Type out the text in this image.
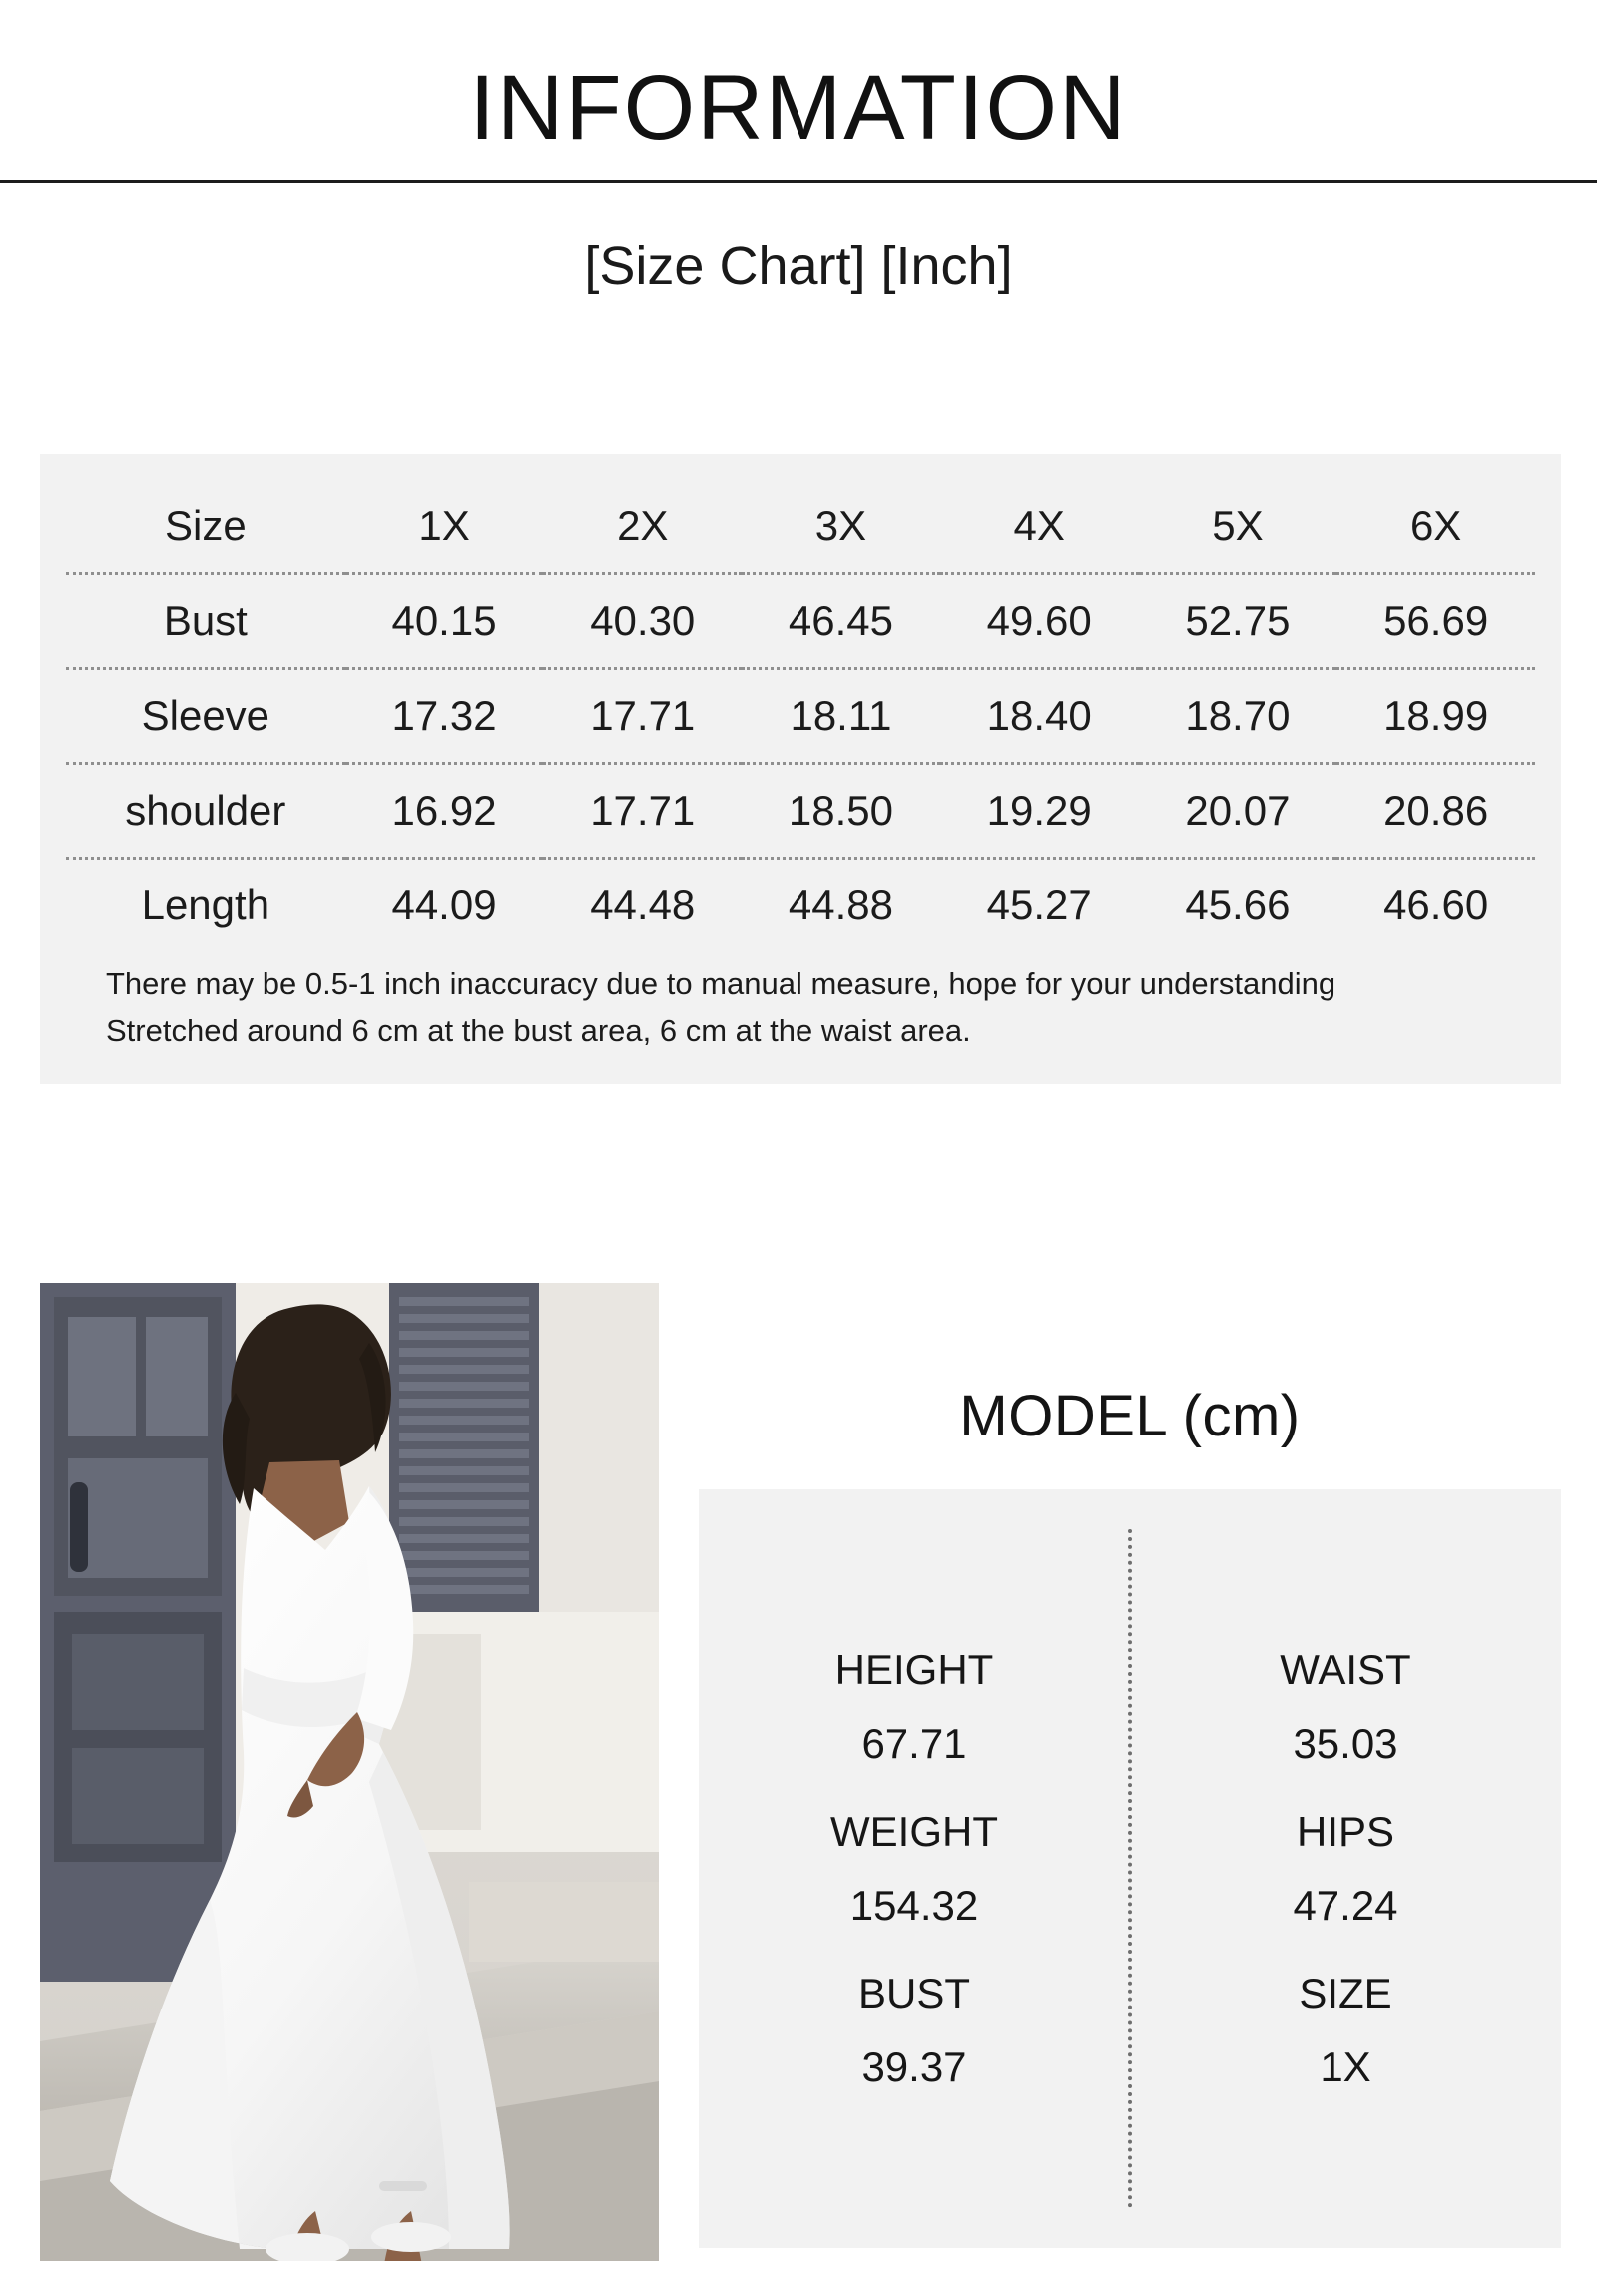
INFORMATION
[Size Chart] [Inch]
Size	1X	2X	3X	4X	5X	6X
Bust	40.15	40.30	46.45	49.60	52.75	56.69
Sleeve	17.32	17.71	18.11	18.40	18.70	18.99
shoulder	16.92	17.71	18.50	19.29	20.07	20.86
Length	44.09	44.48	44.88	45.27	45.66	46.60
There may be 0.5-1 inch inaccuracy due to manual measure, hope for your understanding
Stretched around 6 cm at the bust area, 6 cm at the waist area.
MODEL (cm)
HEIGHT
67.71
WEIGHT
154.32
BUST
39.37
WAIST
35.03
HIPS
47.24
SIZE
1X
